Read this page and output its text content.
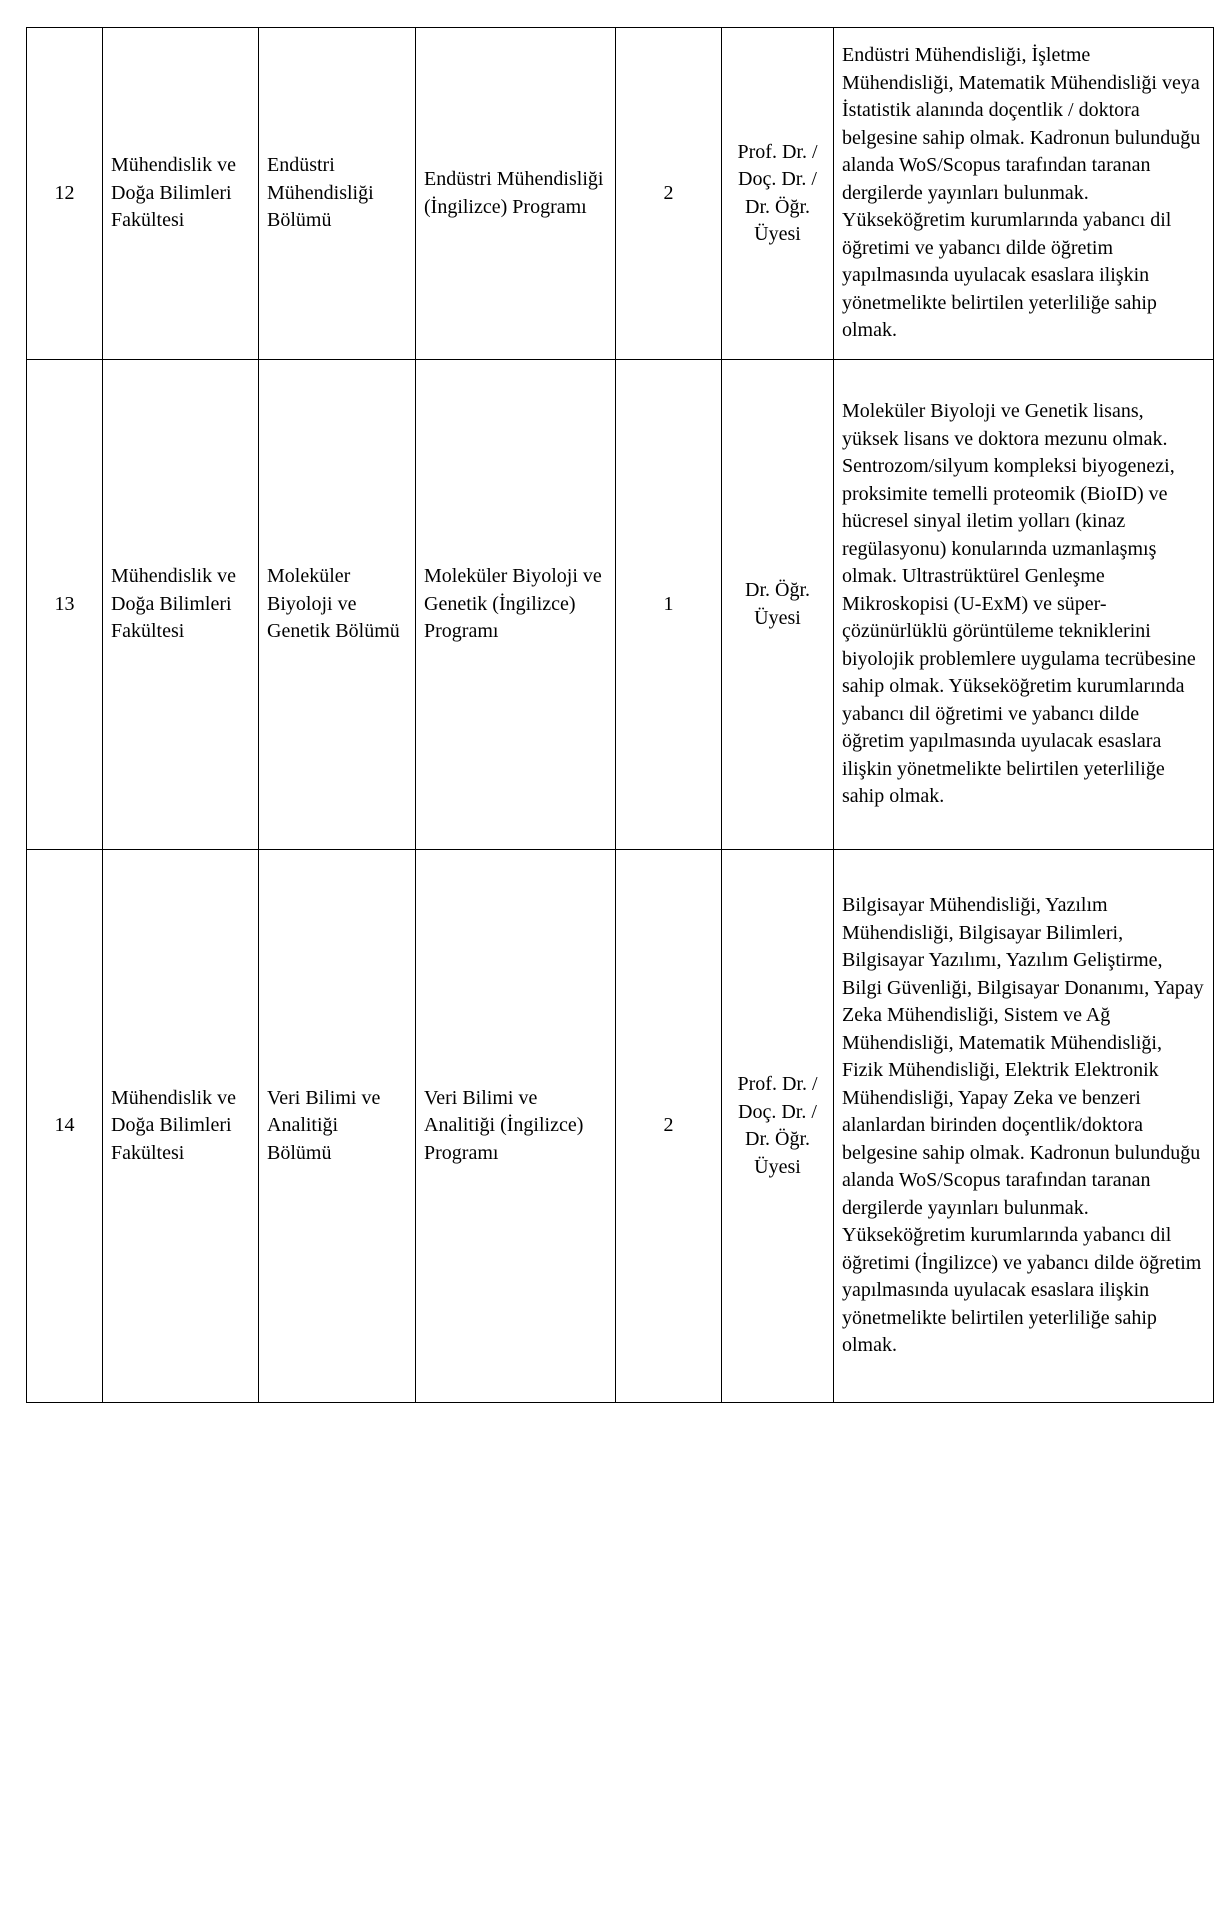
12	Mühendislik ve Doğa Bilimleri Fakültesi	Endüstri Mühendisliği Bölümü	Endüstri Mühendisliği (İngilizce) Programı	2	Prof. Dr. / Doç. Dr. / Dr. Öğr. Üyesi	Endüstri Mühendisliği, İşletme Mühendisliği, Matematik Mühendisliği veya İstatistik alanında doçentlik / doktora belgesine sahip olmak. Kadronun bulunduğu alanda WoS/Scopus tarafından taranan dergilerde yayınları bulunmak. Yükseköğretim kurumlarında yabancı dil öğretimi ve yabancı dilde öğretim yapılmasında uyulacak esaslara ilişkin yönetmelikte belirtilen yeterliliğe sahip olmak.

13	Mühendislik ve Doğa Bilimleri Fakültesi	Moleküler Biyoloji ve Genetik Bölümü	Moleküler Biyoloji ve Genetik (İngilizce) Programı	1	Dr. Öğr. Üyesi	Moleküler Biyoloji ve Genetik lisans, yüksek lisans ve doktora mezunu olmak. Sentrozom/silyum kompleksi biyogenezi, proksimite temelli proteomik (BioID) ve hücresel sinyal iletim yolları (kinaz regülasyonu) konularında uzmanlaşmış olmak. Ultrastrüktürel Genleşme Mikroskopisi (U-ExM) ve süper-çözünürlüklü görüntüleme tekniklerini biyolojik problemlere uygulama tecrübesine sahip olmak. Yükseköğretim kurumlarında yabancı dil öğretimi ve yabancı dilde öğretim yapılmasında uyulacak esaslara ilişkin yönetmelikte belirtilen yeterliliğe sahip olmak.

14	Mühendislik ve Doğa Bilimleri Fakültesi	Veri Bilimi ve Analitiği Bölümü	Veri Bilimi ve Analitiği (İngilizce) Programı	2	Prof. Dr. / Doç. Dr. / Dr. Öğr. Üyesi	Bilgisayar Mühendisliği, Yazılım Mühendisliği, Bilgisayar Bilimleri, Bilgisayar Yazılımı, Yazılım Geliştirme, Bilgi Güvenliği, Bilgisayar Donanımı, Yapay Zeka Mühendisliği, Sistem ve Ağ Mühendisliği, Matematik Mühendisliği, Fizik Mühendisliği, Elektrik Elektronik Mühendisliği, Yapay Zeka ve benzeri alanlardan birinden doçentlik/doktora belgesine sahip olmak. Kadronun bulunduğu alanda WoS/Scopus tarafından taranan dergilerde yayınları bulunmak. Yükseköğretim kurumlarında yabancı dil öğretimi (İngilizce) ve yabancı dilde öğretim yapılmasında uyulacak esaslara ilişkin yönetmelikte belirtilen yeterliliğe sahip olmak.
